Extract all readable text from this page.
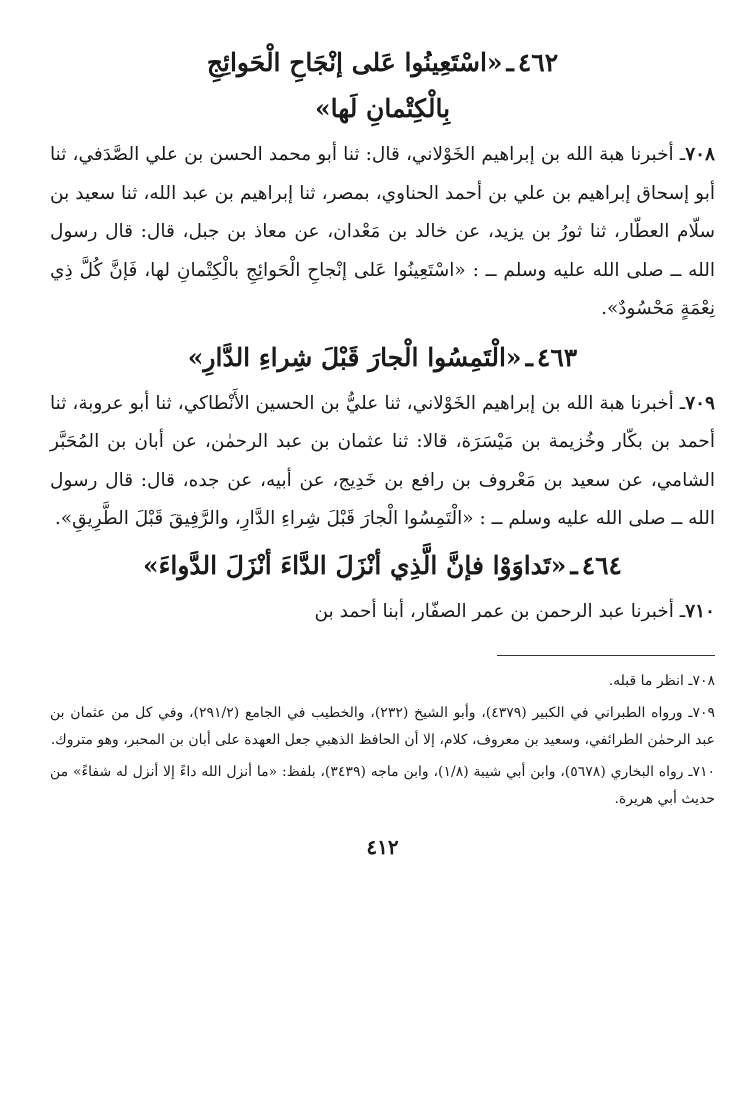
٤٦٢ـ«اسْتَعِينُوا عَلى إنْجَاحِ الْحَوائِجِ
بِالْكِتْمانِ لَها»

٧٠٨ـ أخبرنا هبة الله بن إبراهيم الخَوْلاني، قال: ثنا أبو محمد الحسن بن علي الصَّدَفي، ثنا أبو إسحاق إبراهيم بن علي بن أحمد الحناوي، بمصر، ثنا إبراهيم بن عبد الله، ثنا سعيد بن سلّام العطّار، ثنا ثورُ بن يزيد، عن خالد بن مَعْدان، عن معاذ بن جبل، قال: قال رسول الله ــ صلى الله عليه وسلم ــ : «اسْتَعِينُوا عَلى إنْجاحِ الْحَوائِجِ بالْكِتْمانِ لها، فَإنَّ كُلَّ ذِي نِعْمَةٍ مَحْسُودٌ».

٤٦٣ـ«الْتَمِسُوا الْجارَ قَبْلَ شِراءِ الدَّارِ»

٧٠٩ـ أخبرنا هبة الله بن إبراهيم الخَوْلاني، ثنا عليُّ بن الحسين الأَنْطاكي، ثنا أبو عروبة، ثنا أحمد بن بكّار وخُزيمة بن مَيْسَرَة، قالا: ثنا عثمان بن عبد الرحمٰن، عن أبان بن المُحَبَّر الشامي، عن سعيد بن مَعْروف بن رافع بن خَدِيج، عن أبيه، عن جده، قال: قال رسول الله ــ صلى الله عليه وسلم ــ : «الْتَمِسُوا الْجارَ قَبْلَ شِراءِ الدَّارِ، والرَّفِيقَ قَبْلَ الطَّرِيقِ».

٤٦٤ـ«تَداوَوْا فإنَّ الَّذِي أنْزَلَ الدَّاءَ أنْزَلَ الدَّواءَ»

٧١٠ـ أخبرنا عبد الرحمن بن عمر الصفّار، أبنا أحمد بن

٧٠٨ـ انظر ما قبله.

٧٠٩ـ ورواه الطبراني في الكبير (٤٣٧٩)، وأبو الشيخ (٢٣٢)، والخطيب في الجامع (٢٩١/٢)، وفي كل من عثمان بن عبد الرحمٰن الطرائفي، وسعيد بن معروف، كلام، إلا أن الحافظ الذهبي جعل العهدة على أبان بن المحبر، وهو متروك.

٧١٠ـ رواه البخاري (٥٦٧٨)، وابن أبي شيبة (١/٨)، وابن ماجه (٣٤٣٩)، بلفظ: «ما أنزل الله داءً إلا أنزل له شفاءً» من حديث أبي هريرة.

٤١٢
